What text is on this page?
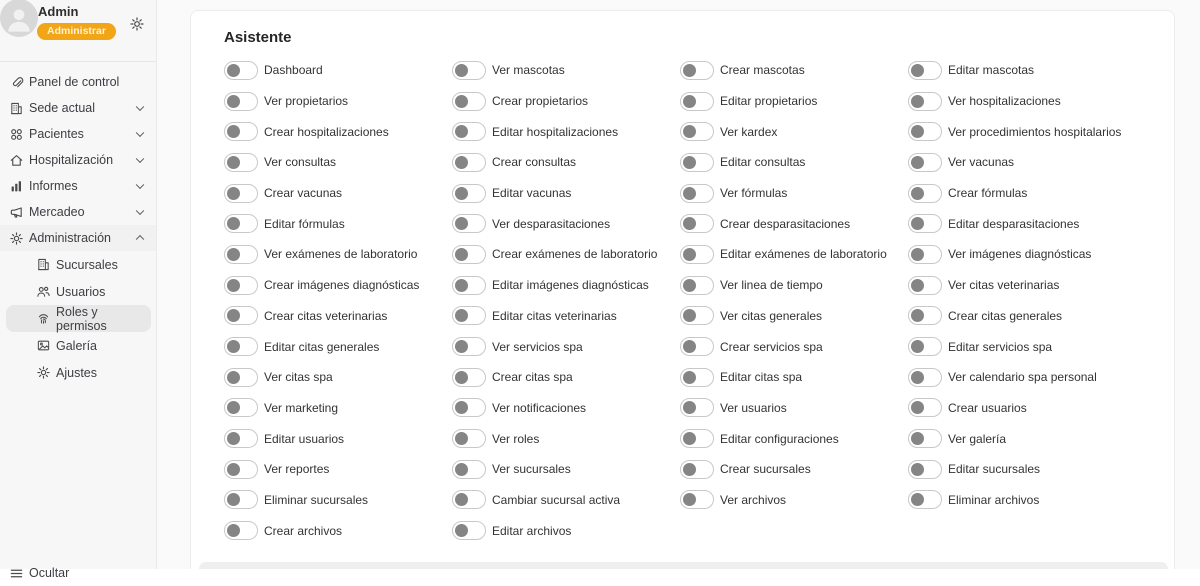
Admin
Administrar
Panel de control
Sede actual
Pacientes
Hospitalización
Informes
Mercadeo
Administración
Sucursales
Usuarios
Roles y permisos
Galería
Ajustes
Ocultar
Asistente
Dashboard	Ver mascotas	Crear mascotas	Editar mascotas
Ver propietarios	Crear propietarios	Editar propietarios	Ver hospitalizaciones
Crear hospitalizaciones	Editar hospitalizaciones	Ver kardex	Ver procedimientos hospitalarios
Ver consultas	Crear consultas	Editar consultas	Ver vacunas
Crear vacunas	Editar vacunas	Ver fórmulas	Crear fórmulas
Editar fórmulas	Ver desparasitaciones	Crear desparasitaciones	Editar desparasitaciones
Ver exámenes de laboratorio	Crear exámenes de laboratorio	Editar exámenes de laboratorio	Ver imágenes diagnósticas
Crear imágenes diagnósticas	Editar imágenes diagnósticas	Ver linea de tiempo	Ver citas veterinarias
Crear citas veterinarias	Editar citas veterinarias	Ver citas generales	Crear citas generales
Editar citas generales	Ver servicios spa	Crear servicios spa	Editar servicios spa
Ver citas spa	Crear citas spa	Editar citas spa	Ver calendario spa personal
Ver marketing	Ver notificaciones	Ver usuarios	Crear usuarios
Editar usuarios	Ver roles	Editar configuraciones	Ver galería
Ver reportes	Ver sucursales	Crear sucursales	Editar sucursales
Eliminar sucursales	Cambiar sucursal activa	Ver archivos	Eliminar archivos
Crear archivos	Editar archivos
